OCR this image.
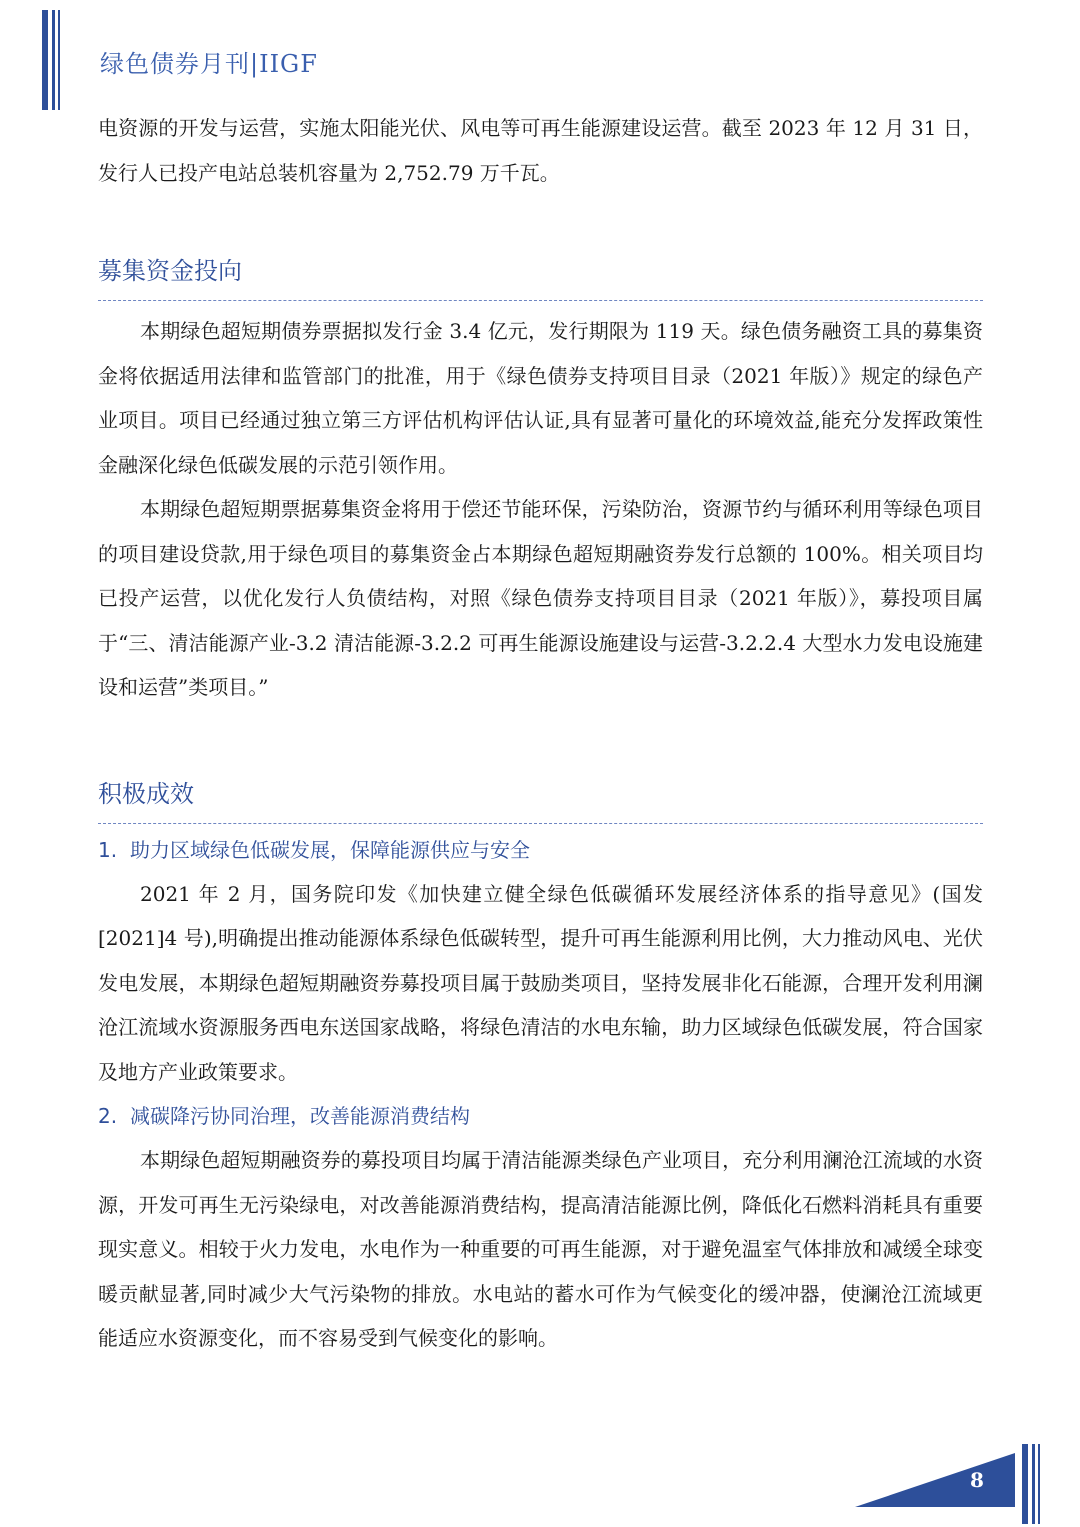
绿色债券月刊|IIGF

电资源的开发与运营，实施太阳能光伏、风电等可再生能源建设运营。截至 2023 年 12 月 31 日，发行人已投产电站总装机容量为 2,752.79 万千瓦。

募集资金投向

本期绿色超短期债券票据拟发行金 3.4 亿元，发行期限为 119 天。绿色债务融资工具的募集资金将依据适用法律和监管部门的批准，用于《绿色债券支持项目目录（2021 年版）》规定的绿色产业项目。项目已经通过独立第三方评估机构评估认证,具有显著可量化的环境效益,能充分发挥政策性金融深化绿色低碳发展的示范引领作用。

本期绿色超短期票据募集资金将用于偿还节能环保，污染防治，资源节约与循环利用等绿色项目的项目建设贷款,用于绿色项目的募集资金占本期绿色超短期融资券发行总额的 100%。相关项目均已投产运营，以优化发行人负债结构，对照《绿色债券支持项目目录（2021 年版）》，募投项目属于“三、清洁能源产业-3.2 清洁能源-3.2.2 可再生能源设施建设与运营-3.2.2.4 大型水力发电设施建设和运营”类项目。”

积极成效
1. 助力区域绿色低碳发展，保障能源供应与安全

2021 年 2 月，国务院印发《加快建立健全绿色低碳循环发展经济体系的指导意见》(国发[2021]4 号),明确提出推动能源体系绿色低碳转型，提升可再生能源利用比例，大力推动风电、光伏发电发展，本期绿色超短期融资券募投项目属于鼓励类项目，坚持发展非化石能源，合理开发利用澜沧江流域水资源服务西电东送国家战略，将绿色清洁的水电东输，助力区域绿色低碳发展，符合国家及地方产业政策要求。

2. 减碳降污协同治理，改善能源消费结构

本期绿色超短期融资券的募投项目均属于清洁能源类绿色产业项目，充分利用澜沧江流域的水资源，开发可再生无污染绿电，对改善能源消费结构，提高清洁能源比例，降低化石燃料消耗具有重要现实意义。相较于火力发电，水电作为一种重要的可再生能源，对于避免温室气体排放和减缓全球变暖贡献显著,同时减少大气污染物的排放。水电站的蓄水可作为气候变化的缓冲器，使澜沧江流域更能适应水资源变化，而不容易受到气候变化的影响。

8
